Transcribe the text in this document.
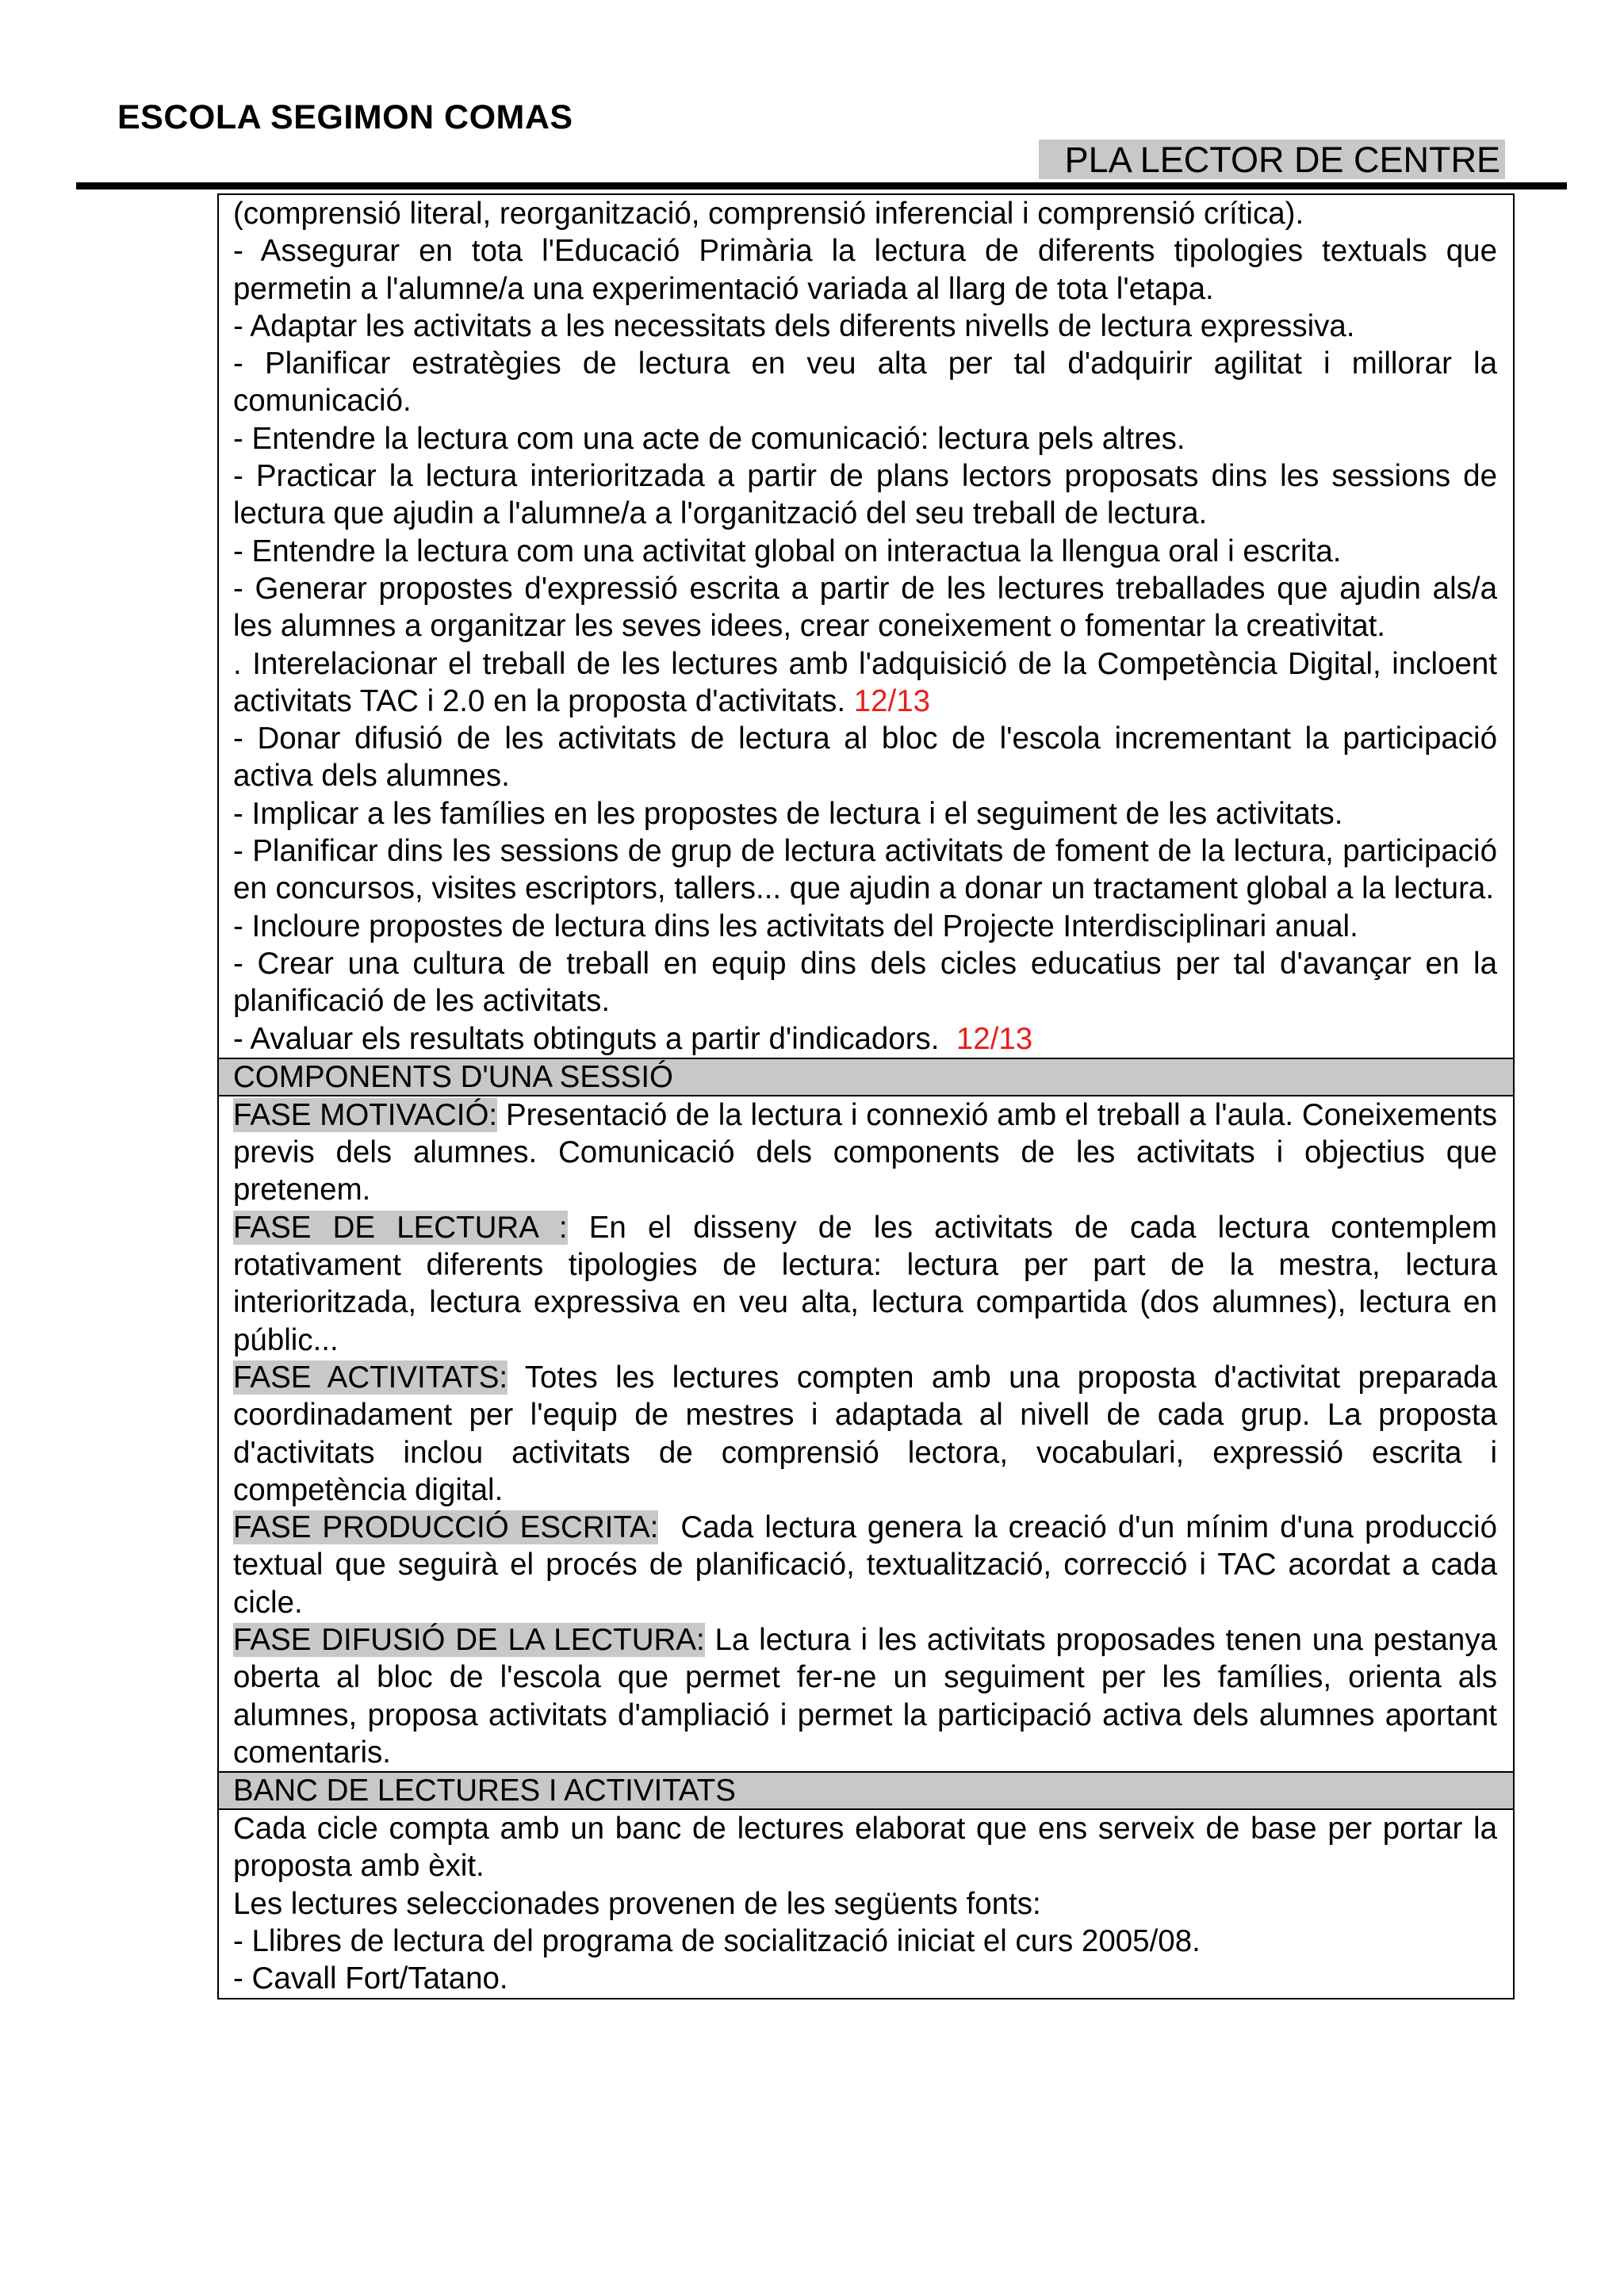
ESCOLA SEGIMON COMAS
PLA LECTOR DE CENTRE

(comprensió literal, reorganització, comprensió inferencial i comprensió crítica).

- Assegurar en tota l'Educació Primària la lectura de diferents tipologies textuals que permetin a l'alumne/a una experimentació variada al llarg de tota l'etapa.

- Adaptar les activitats a les necessitats dels diferents nivells de lectura expressiva.

- Planificar estratègies de lectura en veu alta per tal d'adquirir agilitat i millorar la comunicació.

- Entendre la lectura com una acte de comunicació: lectura pels altres.

- Practicar la lectura interioritzada a partir de plans lectors proposats dins les sessions de lectura que ajudin a l'alumne/a a l'organització del seu treball de lectura.

- Entendre la lectura com una activitat global on interactua la llengua oral i escrita.

- Generar propostes d'expressió escrita a partir de les lectures treballades que ajudin als/a les alumnes a organitzar les seves idees, crear coneixement o fomentar la creativitat.

. Interelacionar el treball de les lectures amb l'adquisició de la Competència Digital, incloent activitats TAC i 2.0 en la proposta d'activitats. 12/13

- Donar difusió de les activitats de lectura al bloc de l'escola incrementant la participació activa dels alumnes.

- Implicar a les famílies en les propostes de lectura i el seguiment de les activitats.

- Planificar dins les sessions de grup de lectura activitats de foment de la lectura, participació en concursos, visites escriptors, tallers... que ajudin a donar un tractament global a la lectura.

- Incloure propostes de lectura dins les activitats del Projecte Interdisciplinari anual.

- Crear una cultura de treball en equip dins dels cicles educatius per tal d'avançar en la planificació de les activitats.

- Avaluar els resultats obtinguts a partir d'indicadors. 12/13

COMPONENTS D'UNA SESSIÓ

FASE MOTIVACIÓ: Presentació de la lectura i connexió amb el treball a l'aula. Coneixements previs dels alumnes. Comunicació dels components de les activitats i objectius que pretenem.

FASE DE LECTURA : En el disseny de les activitats de cada lectura contemplem rotativament diferents tipologies de lectura: lectura per part de la mestra, lectura interioritzada, lectura expressiva en veu alta, lectura compartida (dos alumnes), lectura en públic...

FASE ACTIVITATS: Totes les lectures compten amb una proposta d'activitat preparada coordinadament per l'equip de mestres i adaptada al nivell de cada grup. La proposta d'activitats inclou activitats de comprensió lectora, vocabulari, expressió escrita i competència digital.

FASE PRODUCCIÓ ESCRITA: Cada lectura genera la creació d'un mínim d'una producció textual que seguirà el procés de planificació, textualització, correcció i TAC acordat a cada cicle.

FASE DIFUSIÓ DE LA LECTURA: La lectura i les activitats proposades tenen una pestanya oberta al bloc de l'escola que permet fer-ne un seguiment per les famílies, orienta als alumnes, proposa activitats d'ampliació i permet la participació activa dels alumnes aportant comentaris.

BANC DE LECTURES I ACTIVITATS

Cada cicle compta amb un banc de lectures elaborat que ens serveix de base per portar la proposta amb èxit.

Les lectures seleccionades provenen de les següents fonts:

- Llibres de lectura del programa de socialització iniciat el curs 2005/08.

- Cavall Fort/Tatano.
